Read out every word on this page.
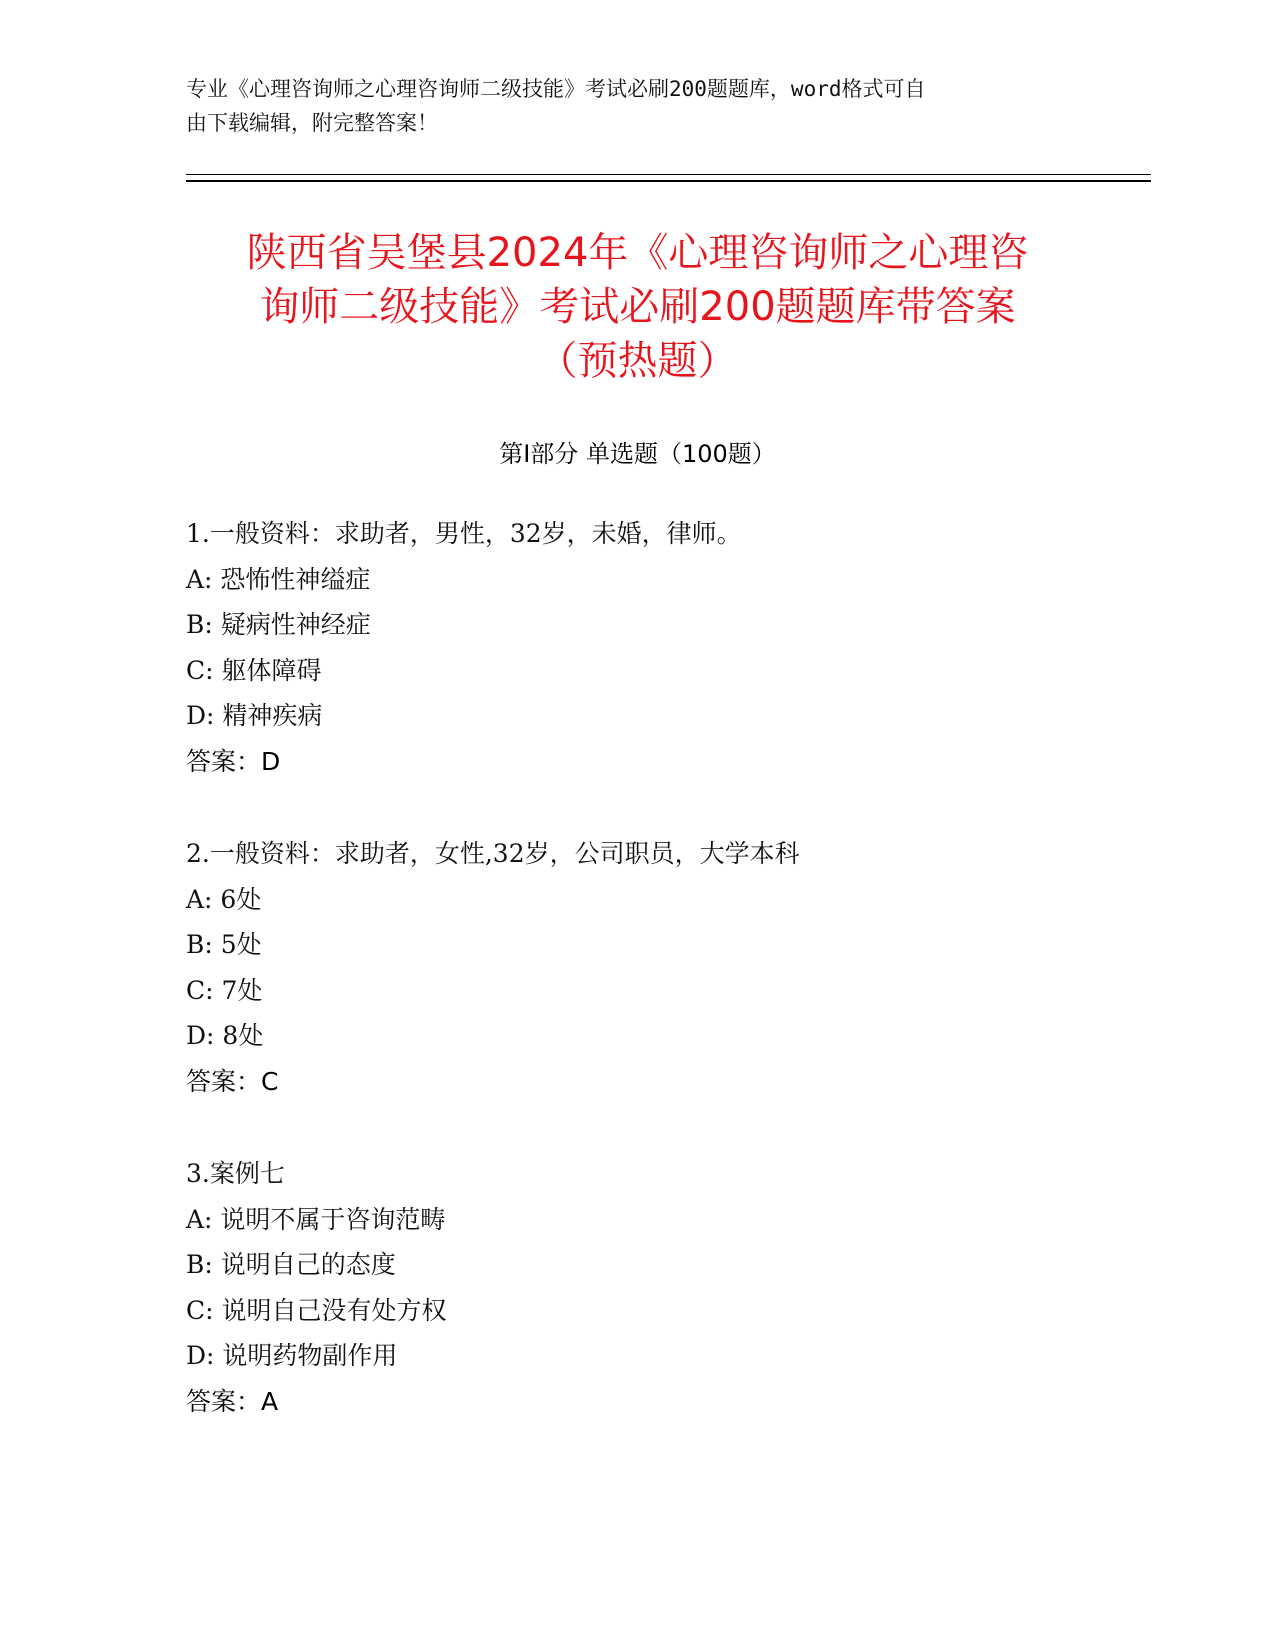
专业《心理咨询师之心理咨询师二级技能》考试必刷200题题库，word格式可自
由下载编辑，附完整答案！
陕西省吴堡县2024年《心理咨询师之心理咨
询师二级技能》考试必刷200题题库带答案
（预热题）
第I部分 单选题（100题）
1.一般资料：求助者，男性，32岁，未婚，律师。
A: 恐怖性神缢症
B: 疑病性神经症
C: 躯体障碍
D: 精神疾病
答案：D
2.一般资料：求助者，女性,32岁，公司职员，大学本科
A: 6处
B: 5处
C: 7处
D: 8处
答案：C
3.案例七
A: 说明不属于咨询范畴
B: 说明自己的态度
C: 说明自己没有处方权
D: 说明药物副作用
答案：A
